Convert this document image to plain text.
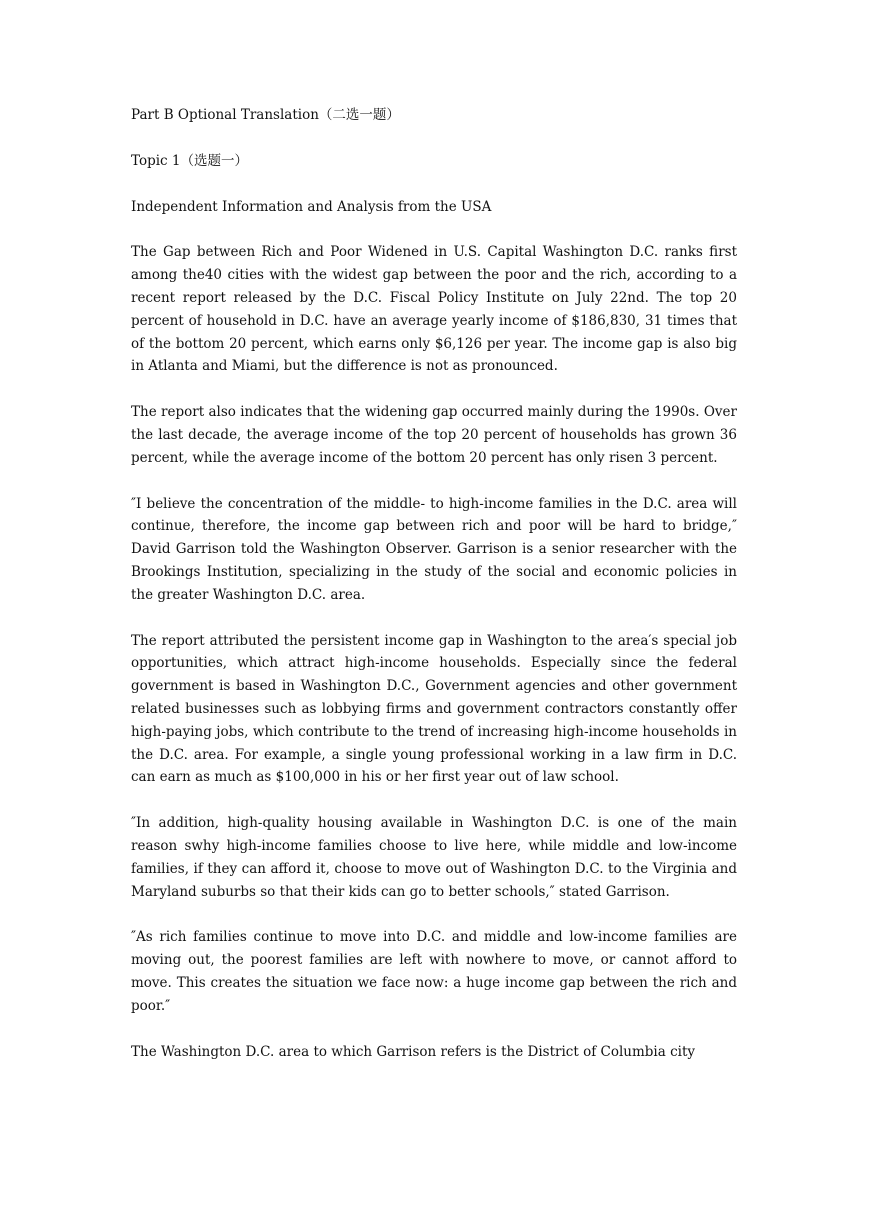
Part B Optional Translation（二选一题）
Topic 1（选题一）
Independent Information and Analysis from the USA

The Gap between Rich and Poor Widened in U.S. Capital Washington D.C. ranks first among the40 cities with the widest gap between the poor and the rich, according to a recent report released by the D.C. Fiscal Policy Institute on July 22nd. The top 20 percent of household in D.C. have an average yearly income of $186,830, 31 times that of the bottom 20 percent, which earns only $6,126 per year. The income gap is also big in Atlanta and Miami, but the difference is not as pronounced.

The report also indicates that the widening gap occurred mainly during the 1990s. Over the last decade, the average income of the top 20 percent of households has grown 36 percent, while the average income of the bottom 20 percent has only risen 3 percent.

″I believe the concentration of the middle- to high-income families in the D.C. area will continue, therefore, the income gap between rich and poor will be hard to bridge,″ David Garrison told the Washington Observer. Garrison is a senior researcher with the Brookings Institution, specializing in the study of the social and economic policies in the greater Washington D.C. area.

The report attributed the persistent income gap in Washington to the area′s special job opportunities, which attract high-income households. Especially since the federal government is based in Washington D.C., Government agencies and other government related businesses such as lobbying firms and government contractors constantly offer high-paying jobs, which contribute to the trend of increasing high-income households in the D.C. area. For example, a single young professional working in a law firm in D.C. can earn as much as $100,000 in his or her first year out of law school.

″In addition, high-quality housing available in Washington D.C. is one of the main reason swhy high-income families choose to live here, while middle and low-income families, if they can afford it, choose to move out of Washington D.C. to the Virginia and Maryland suburbs so that their kids can go to better schools,″ stated Garrison.

″As rich families continue to move into D.C. and middle and low-income families are moving out, the poorest families are left with nowhere to move, or cannot afford to move. This creates the situation we face now: a huge income gap between the rich and poor.″

The Washington D.C. area to which Garrison refers is the District of Columbia city
